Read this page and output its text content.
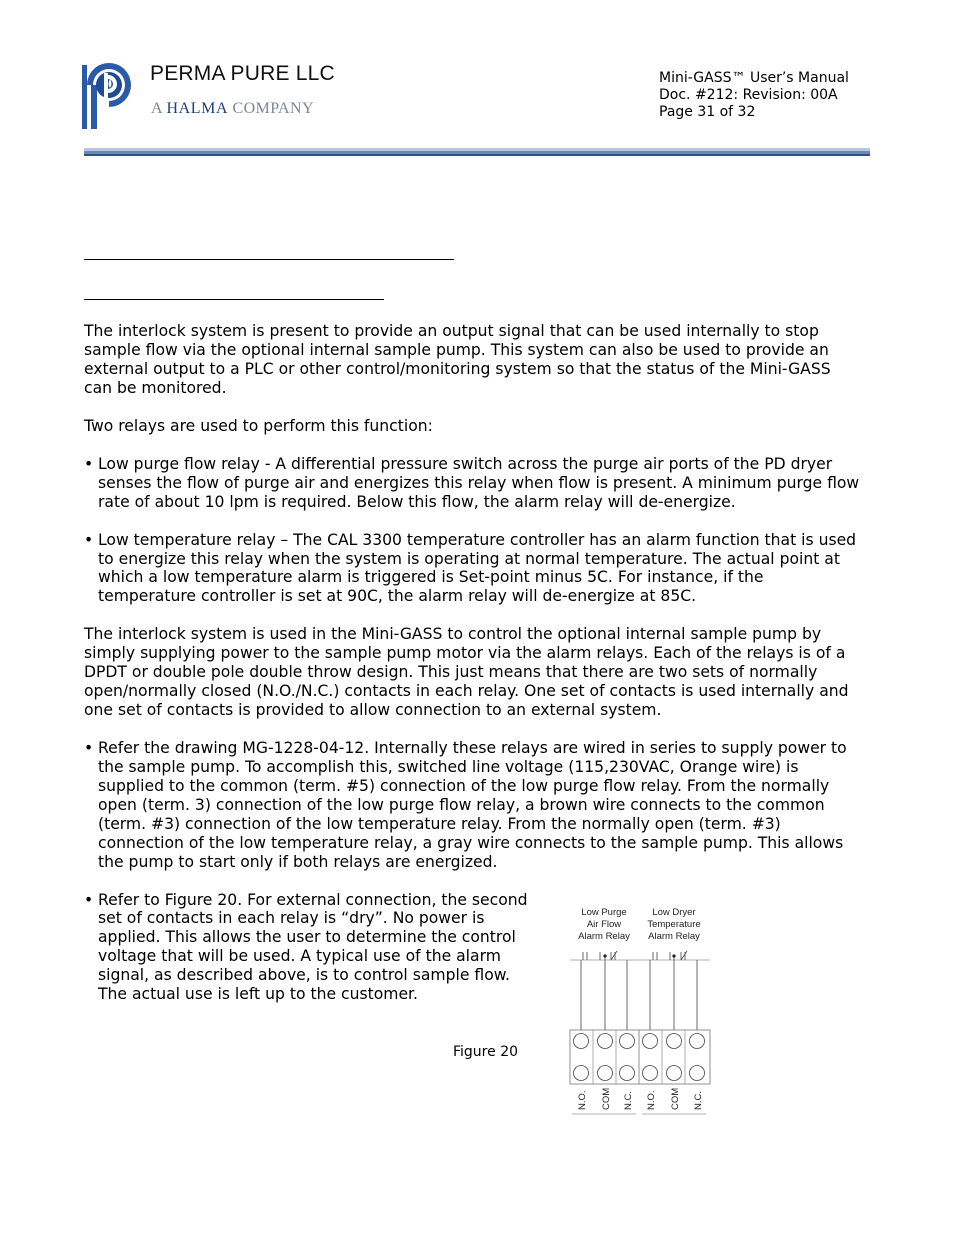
PERMA PURE LLC
A HALMA COMPANY
Mini-GASS™ User’s Manual
Doc. #212: Revision: 00A
Page 31 of 32
The interlock system is present to provide an output signal that can be used internally to stop
sample flow via the optional internal sample pump. This system can also be used to provide an
external output to a PLC or other control/monitoring system so that the status of the Mini-GASS
can be monitored.
Two relays are used to perform this function:
• Low purge flow relay - A differential pressure switch across the purge air ports of the PD dryer
senses the flow of purge air and energizes this relay when flow is present. A minimum purge flow
rate of about 10 lpm is required. Below this flow, the alarm relay will de-energize.
• Low temperature relay – The CAL 3300 temperature controller has an alarm function that is used
to energize this relay when the system is operating at normal temperature. The actual point at
which a low temperature alarm is triggered is Set-point minus 5C. For instance, if the
temperature controller is set at 90C, the alarm relay will de-energize at 85C.
The interlock system is used in the Mini-GASS to control the optional internal sample pump by
simply supplying power to the sample pump motor via the alarm relays. Each of the relays is of a
DPDT or double pole double throw design. This just means that there are two sets of normally
open/normally closed (N.O./N.C.) contacts in each relay. One set of contacts is used internally and
one set of contacts is provided to allow connection to an external system.
• Refer the drawing MG-1228-04-12. Internally these relays are wired in series to supply power to
the sample pump. To accomplish this, switched line voltage (115,230VAC, Orange wire) is
supplied to the common (term. #5) connection of the low purge flow relay. From the normally
open (term. 3) connection of the low purge flow relay, a brown wire connects to the common
(term. #3) connection of the low temperature relay. From the normally open (term. #3)
connection of the low temperature relay, a gray wire connects to the sample pump. This allows
the pump to start only if both relays are energized.
• Refer to Figure 20. For external connection, the second
set of contacts in each relay is “dry”. No power is
applied. This allows the user to determine the control
voltage that will be used. A typical use of the alarm
signal, as described above, is to control sample flow.
The actual use is left up to the customer.
Figure 20
Low Purge
Air Flow
Alarm Relay
Low Dryer
Temperature
Alarm Relay
N.O. COM N.C. N.O. COM N.C.
